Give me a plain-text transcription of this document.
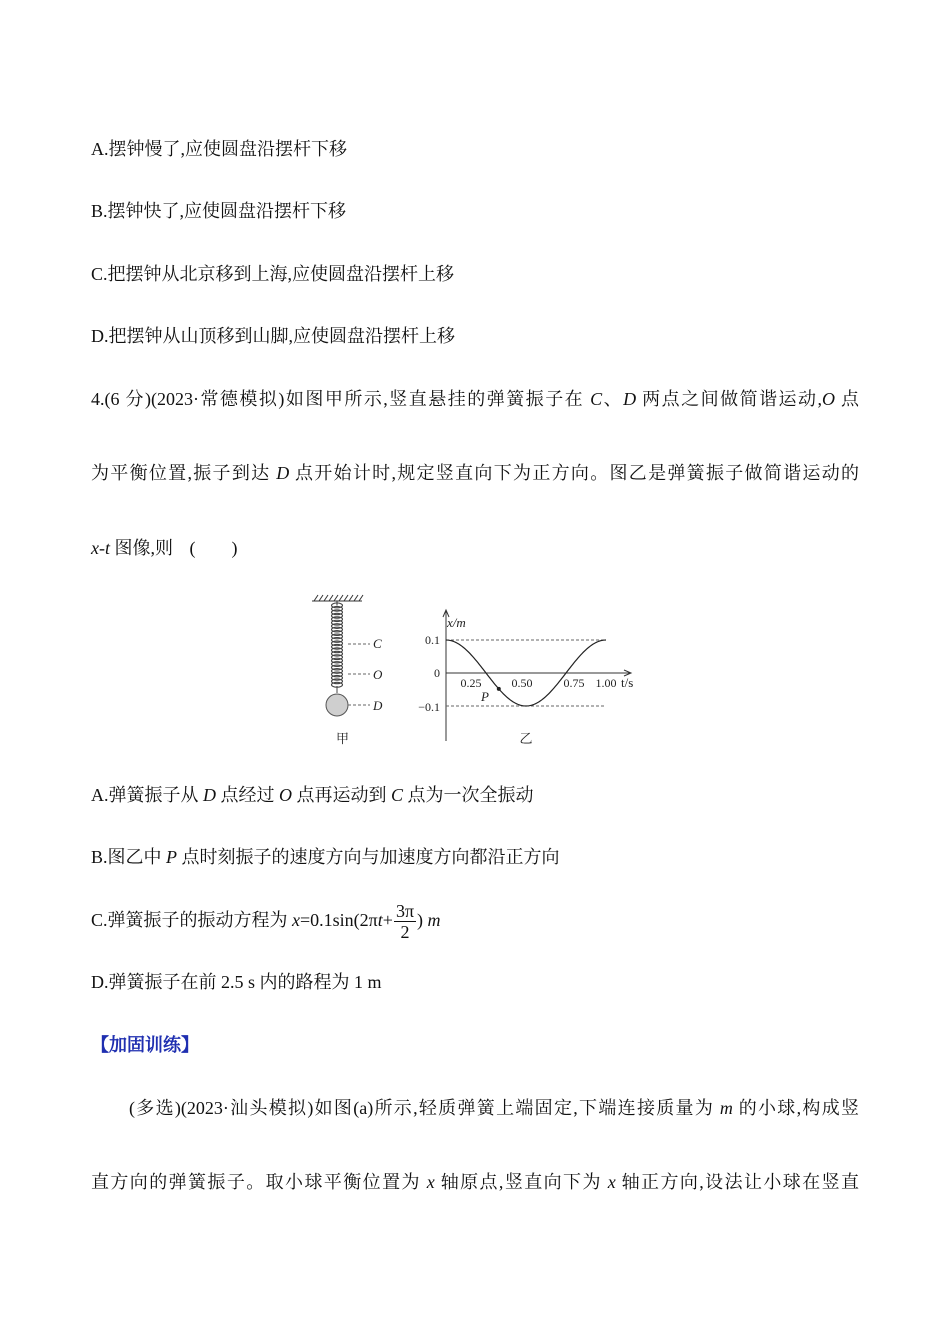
A.摆钟慢了,应使圆盘沿摆杆下移
B.摆钟快了,应使圆盘沿摆杆下移
C.把摆钟从北京移到上海,应使圆盘沿摆杆上移
D.把摆钟从山顶移到山脚,应使圆盘沿摆杆上移
4.(6 分)(2023·常德模拟)如图甲所示,竖直悬挂的弹簧振子在 C、D 两点之间做简谐运动,O 点
为平衡位置,振子到达 D 点开始计时,规定竖直向下为正方向。图乙是弹簧振子做简谐运动的
x-t 图像,则 (        )
C
O
D
甲
x/m
t/s
0.1
0
−0.1
0.25	0.50	0.75 1.00
P
乙
A.弹簧振子从 D 点经过 O 点再运动到 C 点为一次全振动
B.图乙中 P 点时刻振子的速度方向与加速度方向都沿正方向
C.弹簧振子的振动方程为 $x=0.1\sin(2\pi t+ \frac{3\pi}{2}$ ) m
D.弹簧振子在前 2.5 s 内的路程为 1 m
【加固训练】
(多选)(2023·汕头模拟)如图(a)所示,轻质弹簧上端固定,下端连接质量为 m 的小球,构成竖
直方向的弹簧振子。取小球平衡位置为 x 轴原点,竖直向下为 x 轴正方向,设法让小球在竖直
